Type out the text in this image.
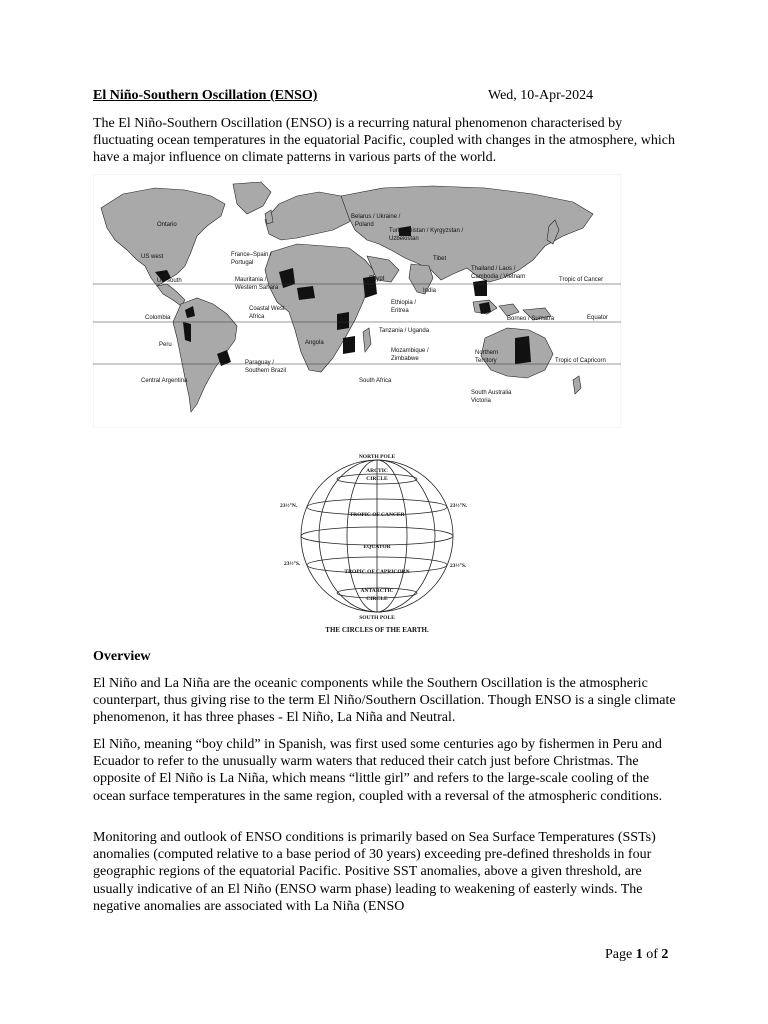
El Niño-Southern Oscillation (ENSO)	Wed, 10-Apr-2024

The El Niño-Southern Oscillation (ENSO) is a recurring natural phenomenon characterised by fluctuating ocean temperatures in the equatorial Pacific, coupled with changes in the atmosphere, which have a major influence on climate patterns in various parts of the world.

Ontario
US west
US south
France–Spain /
Portugal
Belarus / Ukraine /
Poland
Turkmenistan / Kyrgyzstan /
Uzbekistan
Tibet
Thailand / Laos /
Cambodia / Vietnam
Egypt
India
Mauritania /
Western Sahara
Coastal West
Africa
Ethiopia /
Eritrea
Colombia	Borneo / Sumatra
Tanzania / Uganda
Peru	Angola
Mozambique /
Zimbabwe
Northern
Territory
Paraguay /
Southern Brazil
Central Argentina	South Africa
South Australia
Victoria
Tropic of Cancer
Equator
Tropic of Capricorn
NORTH POLE
ARCTIC
CIRCLE
TROPIC OF CANCER
EQUATOR
TROPIC OF CAPRICORN
ANTARCTIC
CIRCLE
SOUTH POLE
23½°N.	23½°N.
23½°S.	23½°S.
THE CIRCLES OF THE EARTH.
Overview

El Niño and La Niña are the oceanic components while the Southern Oscillation is the atmospheric counterpart, thus giving rise to the term El Niño/Southern Oscillation. Though ENSO is a single climate phenomenon, it has three phases - El Niño, La Niña and Neutral.

El Niño, meaning “boy child” in Spanish, was first used some centuries ago by fishermen in Peru and Ecuador to refer to the unusually warm waters that reduced their catch just before Christmas. The opposite of El Niño is La Niña, which means “little girl” and refers to the large-scale cooling of the ocean surface temperatures in the same region, coupled with a reversal of the atmospheric conditions.

Monitoring and outlook of ENSO conditions is primarily based on Sea Surface Temperatures (SSTs) anomalies (computed relative to a base period of 30 years) exceeding pre-defined thresholds in four geographic regions of the equatorial Pacific. Positive SST anomalies, above a given threshold, are usually indicative of an El Niño (ENSO warm phase) leading to weakening of easterly winds. The negative anomalies are associated with La Niña (ENSO

Page 1 of 2
